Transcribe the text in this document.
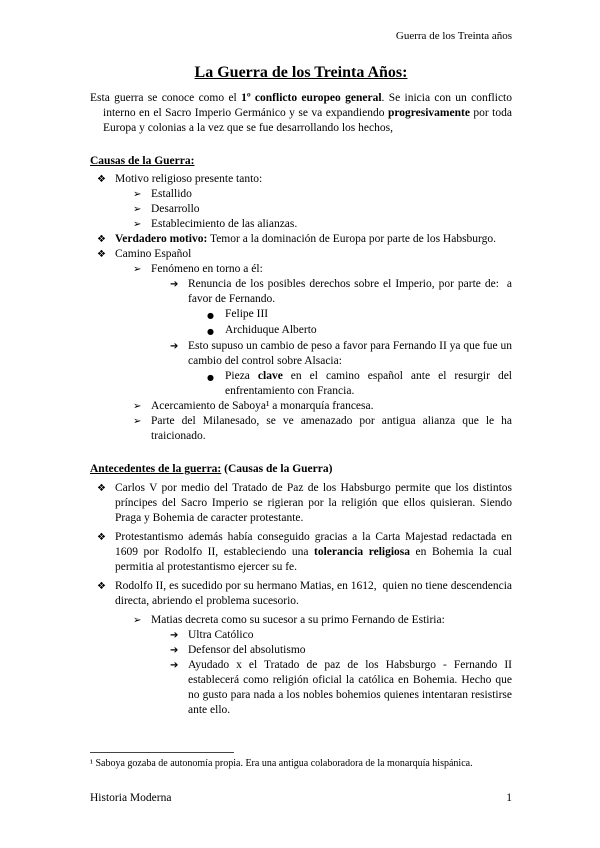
Guerra de los Treinta años
La Guerra de los Treinta Años:

Esta guerra se conoce como el 1º conflicto europeo general. Se inicia con un conflicto interno en el Sacro Imperio Germánico y se va expandiendo progresivamente por toda Europa y colonias a la vez que se fue desarrollando los hechos,

Causas de la Guerra:
❖ Motivo religioso presente tanto:
➢ Estallido
➢ Desarrollo
➢ Establecimiento de las alianzas.
❖ Verdadero motivo: Temor a la dominación de Europa por parte de los Habsburgo.
❖ Camino Español
➢ Fenómeno en torno a él:
➔ Renuncia de los posibles derechos sobre el Imperio, por parte de:  a favor de Fernando.
● Felipe III
● Archiduque Alberto
➔ Esto supuso un cambio de peso a favor para Fernando II ya que fue un cambio del control sobre Alsacia:
● Pieza clave en el camino español ante el resurgir del enfrentamiento con Francia.
➢ Acercamiento de Saboya¹ a monarquía francesa.
➢ Parte del Milanesado, se ve amenazado por antigua alianza que le ha traicionado.
Antecedentes de la guerra: (Causas de la Guerra)
❖ Carlos V por medio del Tratado de Paz de los Habsburgo permite que los distintos príncipes del Sacro Imperio se rigieran por la religión que ellos quisieran. Siendo Praga y Bohemia de caracter protestante.
❖ Protestantismo además había conseguido gracias a la Carta Majestad redactada en 1609 por Rodolfo II, estableciendo una tolerancia religiosa en Bohemia la cual permitia al protestantismo ejercer su fe.
❖ Rodolfo II, es sucedido por su hermano Matias, en 1612,  quien no tiene descendencia directa, abriendo el problema sucesorio.
➢ Matias decreta como su sucesor a su primo Fernando de Estiria:
➔ Ultra Católico
➔ Defensor del absolutismo
➔ Ayudado x el Tratado de paz de los Habsburgo - Fernando II establecerá como religión oficial la católica en Bohemia. Hecho que no gusto para nada a los nobles bohemios quienes intentaran resistirse ante ello.
¹ Saboya gozaba de autonomía propia. Era una antigua colaboradora de la monarquía hispánica.
Historia Moderna	1
